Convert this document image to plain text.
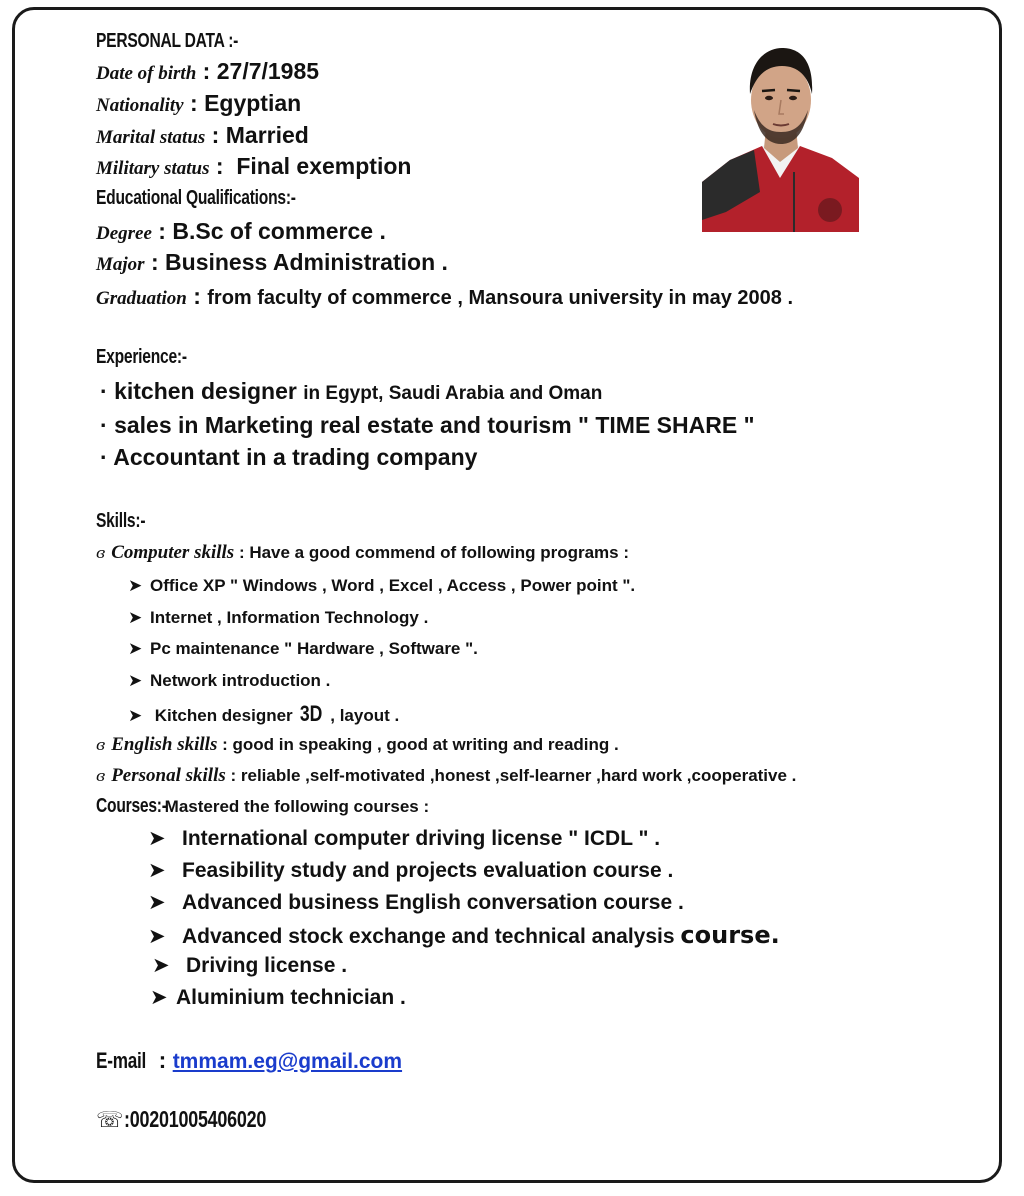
PERSONAL DATA :-
Date of birth : 27/7/1985
Nationality : Egyptian
Marital status : Married
Military status :  Final exemption
Educational Qualifications:-
Degree : B.Sc of commerce .
Major : Business Administration .
Graduation : from faculty of commerce , Mansoura university in may 2008 .
Experience:-
· kitchen designer in Egypt, Saudi Arabia and Oman
· sales in Marketing real estate and tourism " TIME SHARE "
· Accountant in a trading company
Skills:-
ɞ Computer skills : Have a good commend of following programs :
➤ Office XP " Windows , Word , Excel , Access , Power point ".
➤ Internet , Information Technology .
➤ Pc maintenance " Hardware , Software ".
➤ Network introduction .
➤ Kitchen designer 3D , layout .
ɞ English skills : good in speaking , good at writing and reading .
ɞ Personal skills : reliable ,self-motivated ,honest ,self-learner ,hard work ,cooperative .
Courses:-Mastered the following courses :
➤ International computer driving license " ICDL " .
➤ Feasibility study and projects evaluation course .
➤ Advanced business English conversation course .
➤ Advanced stock exchange and technical analysis course.
➤ Driving license .
➤ Aluminium technician .
E-mail : tmmam.eg@gmail.com
☏:00201005406020
